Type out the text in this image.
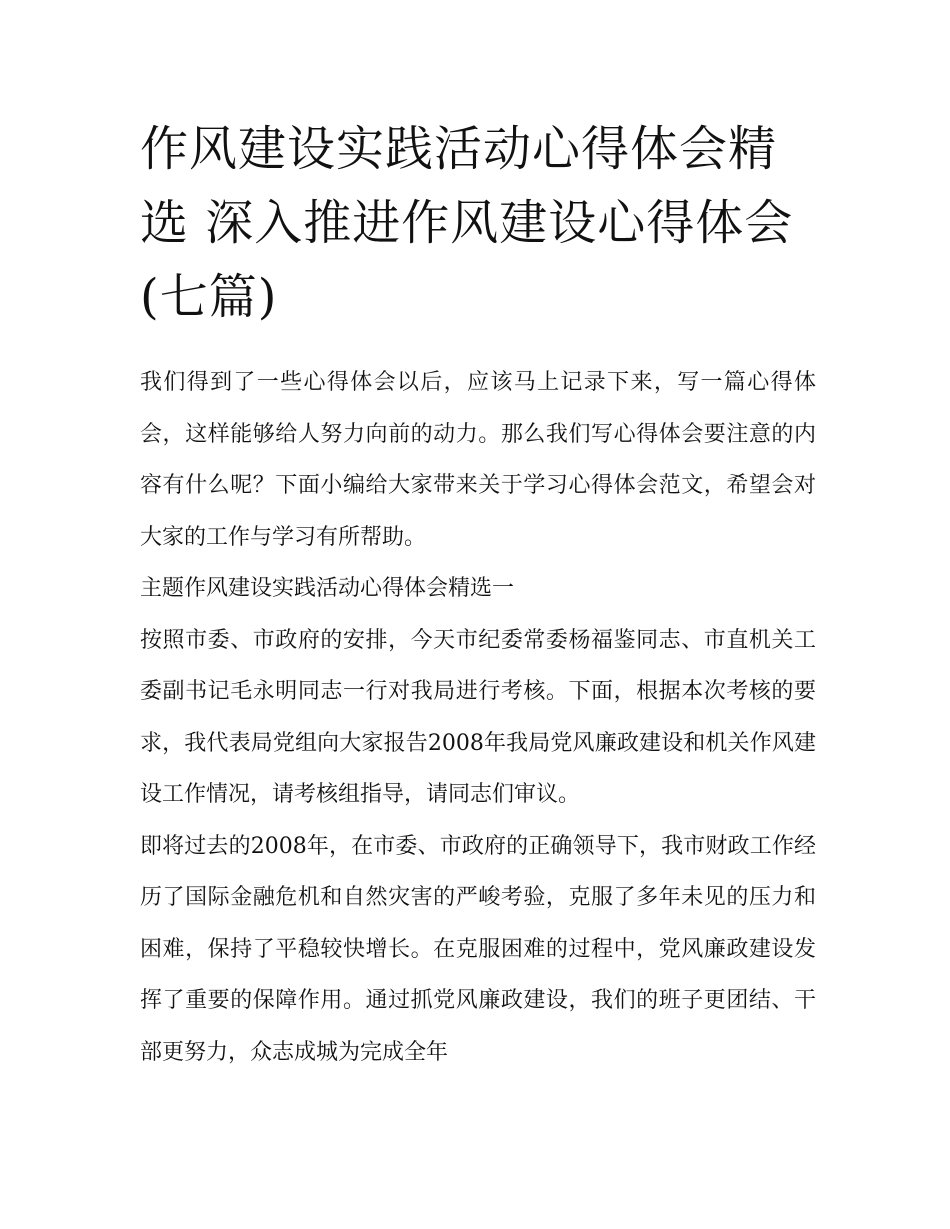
作风建设实践活动心得体会精选 深入推进作风建设心得体会(七篇)

我们得到了一些心得体会以后，应该马上记录下来，写一篇心得体会，这样能够给人努力向前的动力。那么我们写心得体会要注意的内容有什么呢？下面小编给大家带来关于学习心得体会范文，希望会对大家的工作与学习有所帮助。

主题作风建设实践活动心得体会精选一

按照市委、市政府的安排，今天市纪委常委杨福鉴同志、市直机关工委副书记毛永明同志一行对我局进行考核。下面，根据本次考核的要求，我代表局党组向大家报告2008年我局党风廉政建设和机关作风建设工作情况，请考核组指导，请同志们审议。

即将过去的2008年，在市委、市政府的正确领导下，我市财政工作经历了国际金融危机和自然灾害的严峻考验，克服了多年未见的压力和困难，保持了平稳较快增长。在克服困难的过程中，党风廉政建设发挥了重要的保障作用。通过抓党风廉政建设，我们的班子更团结、干部更努力，众志成城为完成全年
